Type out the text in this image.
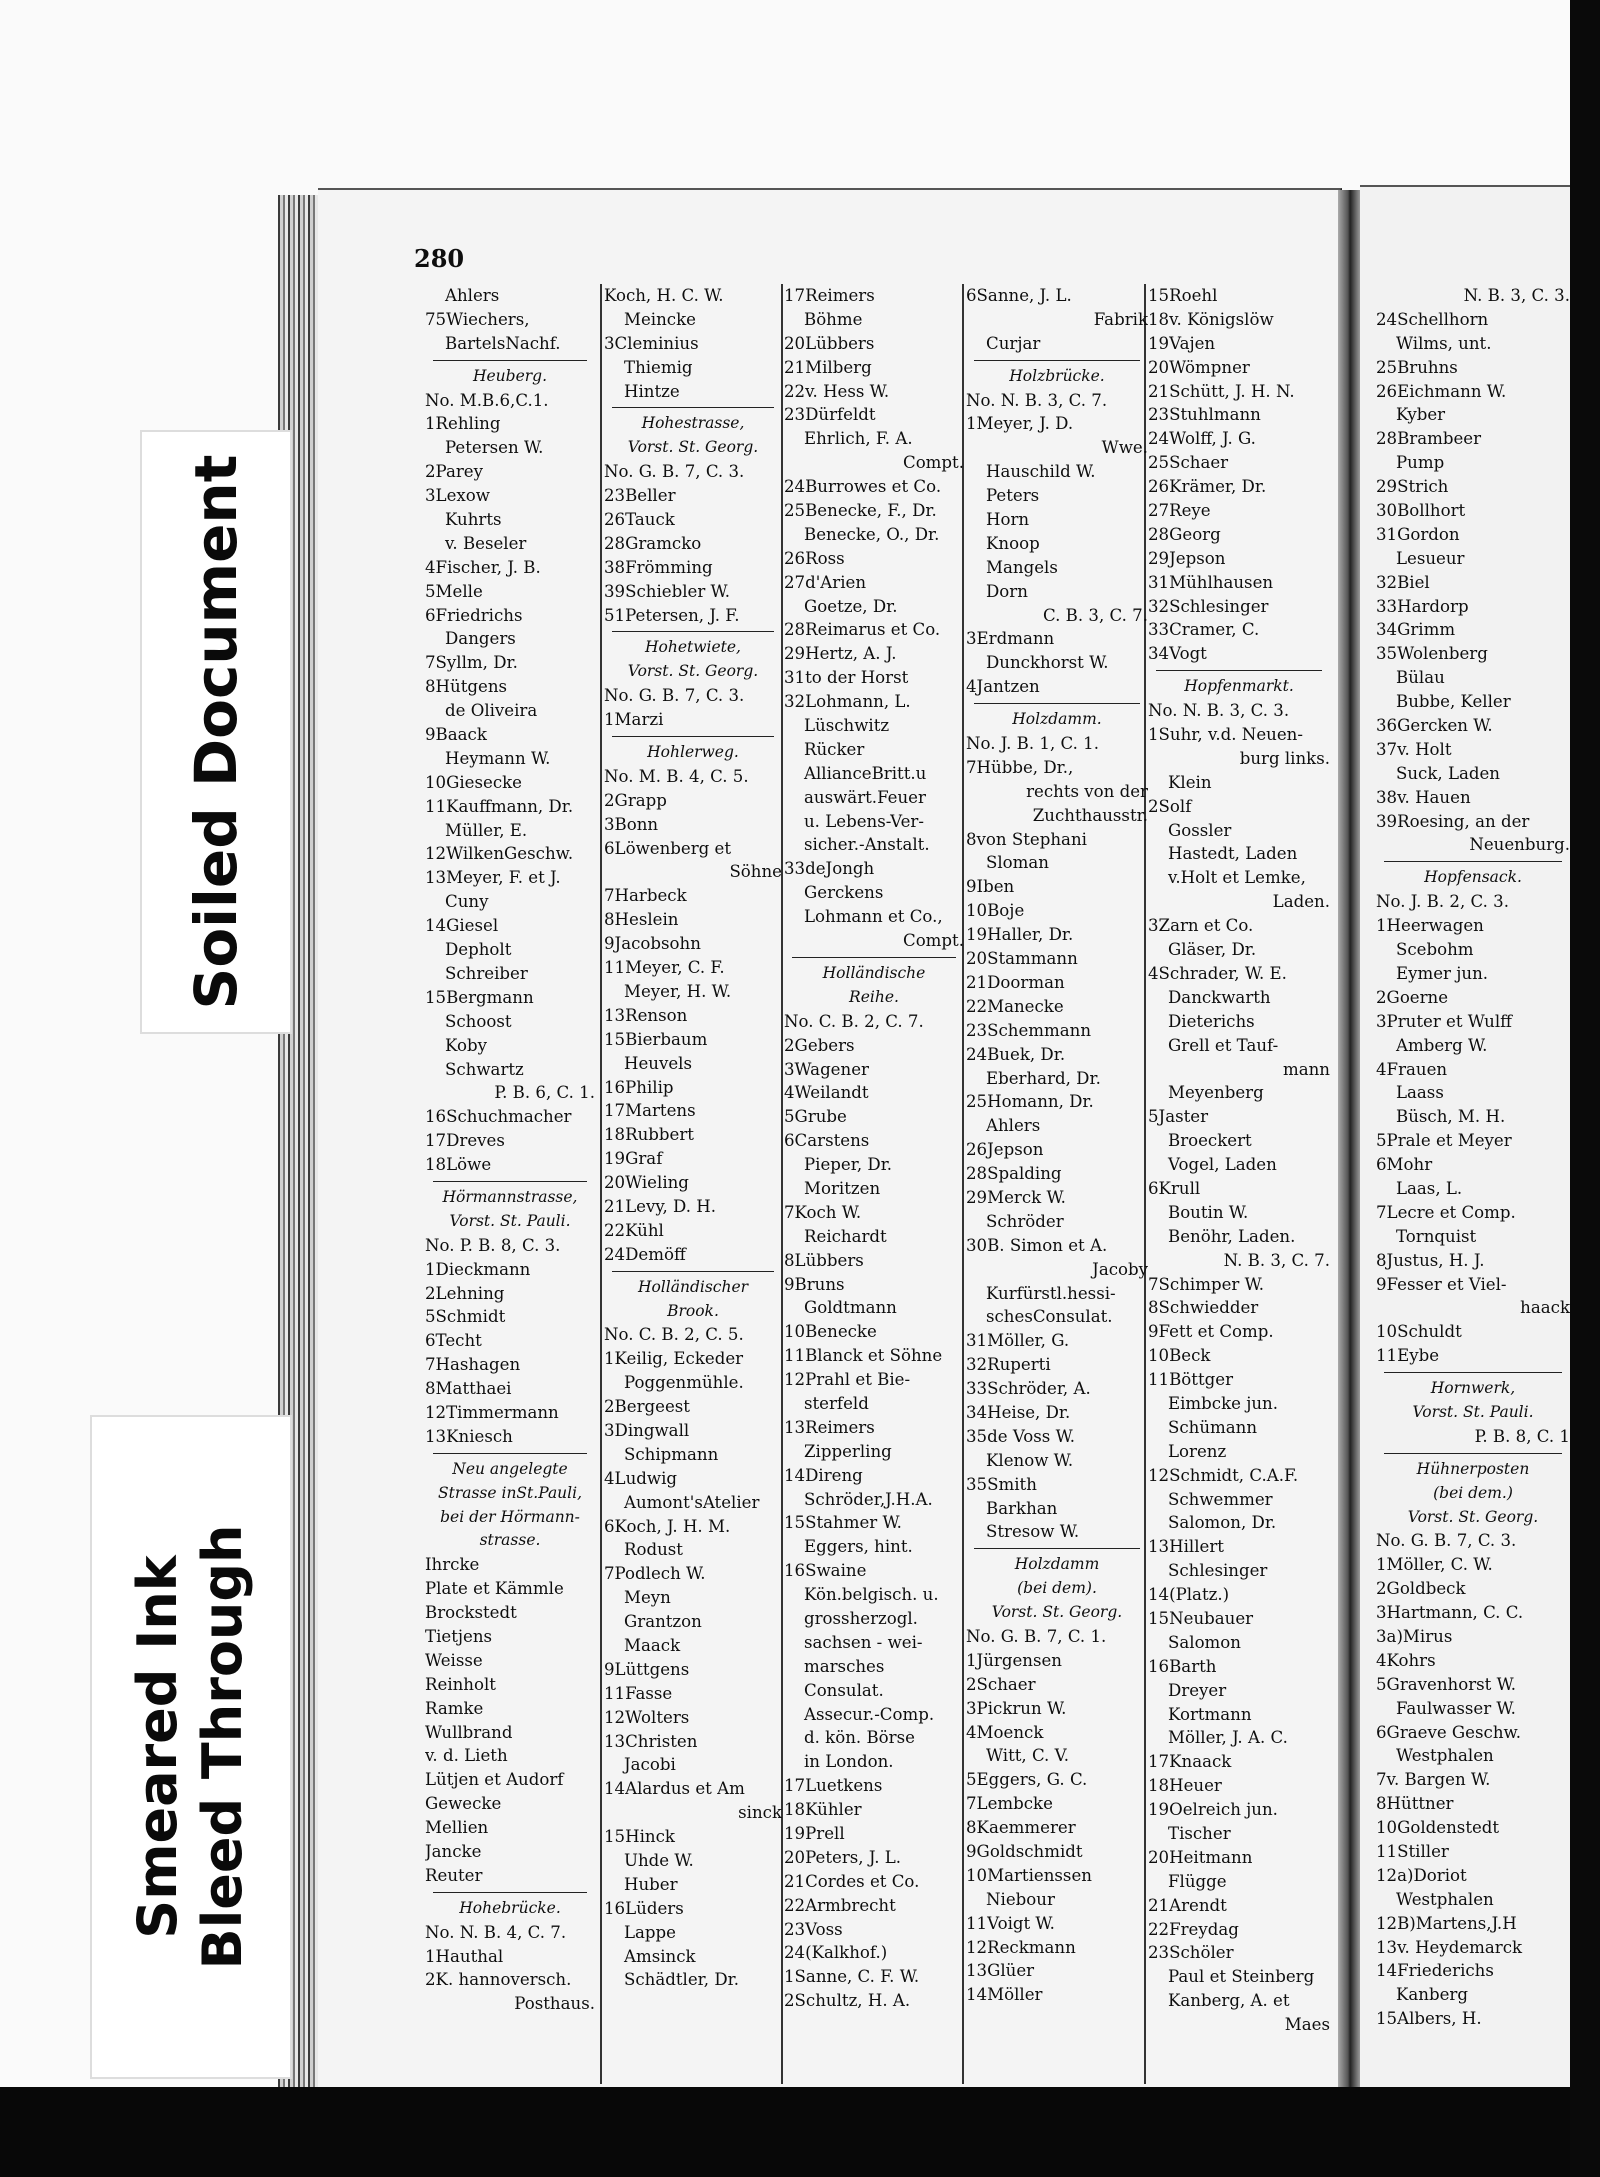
280
Ahlers
75Wiechers,
BartelsNachf.
Heuberg.
No. M.B.6,C.1.
1Rehling
Petersen W.
2Parey
3Lexow
Kuhrts
v. Beseler
4Fischer, J. B.
5Melle
6Friedrichs
Dangers
7Syllm, Dr.
8Hütgens
de Oliveira
9Baack
Heymann W.
10Giesecke
11Kauffmann, Dr.
Müller, E.
12WilkenGeschw.
13Meyer, F. et J.
Cuny
14Giesel
Depholt
Schreiber
15Bergmann
Schoost
Koby
Schwartz
P. B. 6, C. 1.
16Schuchmacher
17Dreves
18Löwe
Hörmannstrasse,
Vorst. St. Pauli.
No. P. B. 8, C. 3.
1Dieckmann
2Lehning
5Schmidt
6Techt
7Hashagen
8Matthaei
12Timmermann
13Kniesch
Neu angelegte
Strasse inSt.Pauli,
bei der Hörmann-
strasse.
Ihrcke
Plate et Kämmle
Brockstedt
Tietjens
Weisse
Reinholt
Ramke
Wullbrand
v. d. Lieth
Lütjen et Audorf
Gewecke
Mellien
Jancke
Reuter
Hohebrücke.
No. N. B. 4, C. 7.
1Hauthal
2K. hannoversch.
Posthaus.
Koch, H. C. W.
Meincke
3Cleminius
Thiemig
Hintze
Hohestrasse,
Vorst. St. Georg.
No. G. B. 7, C. 3.
23Beller
26Tauck
28Gramcko
38Frömming
39Schiebler W.
51Petersen, J. F.
Hohetwiete,
Vorst. St. Georg.
No. G. B. 7, C. 3.
1Marzi
Hohlerweg.
No. M. B. 4, C. 5.
2Grapp
3Bonn
6Löwenberg et
Söhne
7Harbeck
8Heslein
9Jacobsohn
11Meyer, C. F.
Meyer, H. W.
13Renson
15Bierbaum
Heuvels
16Philip
17Martens
18Rubbert
19Graf
20Wieling
21Levy, D. H.
22Kühl
24Demöff
Holländischer
Brook.
No. C. B. 2, C. 5.
1Keilig, Eckeder
Poggenmühle.
2Bergeest
3Dingwall
Schipmann
4Ludwig
Aumont'sAtelier
6Koch, J. H. M.
Rodust
7Podlech W.
Meyn
Grantzon
Maack
9Lüttgens
11Fasse
12Wolters
13Christen
Jacobi
14Alardus et Am
sinck
15Hinck
Uhde W.
Huber
16Lüders
Lappe
Amsinck
Schädtler, Dr.
17Reimers
Böhme
20Lübbers
21Milberg
22v. Hess W.
23Dürfeldt
Ehrlich, F. A.
Compt.
24Burrowes et Co.
25Benecke, F., Dr.
Benecke, O., Dr.
26Ross
27d'Arien
Goetze, Dr.
28Reimarus et Co.
29Hertz, A. J.
31to der Horst
32Lohmann, L.
Lüschwitz
Rücker
AllianceBritt.u
auswärt.Feuer
u. Lebens-Ver-
sicher.-Anstalt.
33deJongh
Gerckens
Lohmann et Co.,
Compt.
Holländische
Reihe.
No. C. B. 2, C. 7.
2Gebers
3Wagener
4Weilandt
5Grube
6Carstens
Pieper, Dr.
Moritzen
7Koch W.
Reichardt
8Lübbers
9Bruns
Goldtmann
10Benecke
11Blanck et Söhne
12Prahl et Bie-
sterfeld
13Reimers
Zipperling
14Direng
Schröder,J.H.A.
15Stahmer W.
Eggers, hint.
16Swaine
Kön.belgisch. u.
grossherzogl.
sachsen - wei-
marsches
Consulat.
Assecur.-Comp.
d. kön. Börse
in London.
17Luetkens
18Kühler
19Prell
20Peters, J. L.
21Cordes et Co.
22Armbrecht
23Voss
24(Kalkhof.)
1Sanne, C. F. W.
2Schultz, H. A.
6Sanne, J. L.
Fabrik
Curjar
Holzbrücke.
No. N. B. 3, C. 7.
1Meyer, J. D.
Wwe.
Hauschild W.
Peters
Horn
Knoop
Mangels
Dorn
C. B. 3, C. 7.
3Erdmann
Dunckhorst W.
4Jantzen
Holzdamm.
No. J. B. 1, C. 1.
7Hübbe, Dr.,
rechts von der
Zuchthausstr.
8von Stephani
Sloman
9Iben
10Boje
19Haller, Dr.
20Stammann
21Doorman
22Manecke
23Schemmann
24Buek, Dr.
Eberhard, Dr.
25Homann, Dr.
Ahlers
26Jepson
28Spalding
29Merck W.
Schröder
30B. Simon et A.
Jacoby
Kurfürstl.hessi-
schesConsulat.
31Möller, G.
32Ruperti
33Schröder, A.
34Heise, Dr.
35de Voss W.
Klenow W.
35Smith
Barkhan
Stresow W.
Holzdamm
(bei dem).
Vorst. St. Georg.
No. G. B. 7, C. 1.
1Jürgensen
2Schaer
3Pickrun W.
4Moenck
Witt, C. V.
5Eggers, G. C.
7Lembcke
8Kaemmerer
9Goldschmidt
10Martienssen
Niebour
11Voigt W.
12Reckmann
13Glüer
14Möller
15Roehl
18v. Königslöw
19Vajen
20Wömpner
21Schütt, J. H. N.
23Stuhlmann
24Wolff, J. G.
25Schaer
26Krämer, Dr.
27Reye
28Georg
29Jepson
31Mühlhausen
32Schlesinger
33Cramer, C.
34Vogt
Hopfenmarkt.
No. N. B. 3, C. 3.
1Suhr, v.d. Neuen-
burg links.
Klein
2Solf
Gossler
Hastedt, Laden
v.Holt et Lemke,
Laden.
3Zarn et Co.
Gläser, Dr.
4Schrader, W. E.
Danckwarth
Dieterichs
Grell et Tauf-
mann
Meyenberg
5Jaster
Broeckert
Vogel, Laden
6Krull
Boutin W.
Benöhr, Laden.
N. B. 3, C. 7.
7Schimper W.
8Schwiedder
9Fett et Comp.
10Beck
11Böttger
Eimbcke jun.
Schümann
Lorenz
12Schmidt, C.A.F.
Schwemmer
Salomon, Dr.
13Hillert
Schlesinger
14(Platz.)
15Neubauer
Salomon
16Barth
Dreyer
Kortmann
Möller, J. A. C.
17Knaack
18Heuer
19Oelreich jun.
Tischer
20Heitmann
Flügge
21Arendt
22Freydag
23Schöler
Paul et Steinberg
Kanberg, A. et
Maes
N. B. 3, C. 3.
24Schellhorn
Wilms, unt.
25Bruhns
26Eichmann W.
Kyber
28Brambeer
Pump
29Strich
30Bollhort
31Gordon
Lesueur
32Biel
33Hardorp
34Grimm
35Wolenberg
Bülau
Bubbe, Keller
36Gercken W.
37v. Holt
Suck, Laden
38v. Hauen
39Roesing, an der
Neuenburg.
Hopfensack.
No. J. B. 2, C. 3.
1Heerwagen
Scebohm
Eymer jun.
2Goerne
3Pruter et Wulff
Amberg W.
4Frauen
Laass
Büsch, M. H.
5Prale et Meyer
6Mohr
Laas, L.
7Lecre et Comp.
Tornquist
8Justus, H. J.
9Fesser et Viel-
haack
10Schuldt
11Eybe
Hornwerk,
Vorst. St. Pauli.
P. B. 8, C. 1
Hühnerposten
(bei dem.)
Vorst. St. Georg.
No. G. B. 7, C. 3.
1Möller, C. W.
2Goldbeck
3Hartmann, C. C.
3a)Mirus
4Kohrs
5Gravenhorst W.
Faulwasser W.
6Graeve Geschw.
Westphalen
7v. Bargen W.
8Hüttner
10Goldenstedt
11Stiller
12a)Doriot
Westphalen
12B)Martens,J.H
13v. Heydemarck
14Friederichs
Kanberg
15Albers, H.
Soiled Document
Smeared Ink Bleed Through
